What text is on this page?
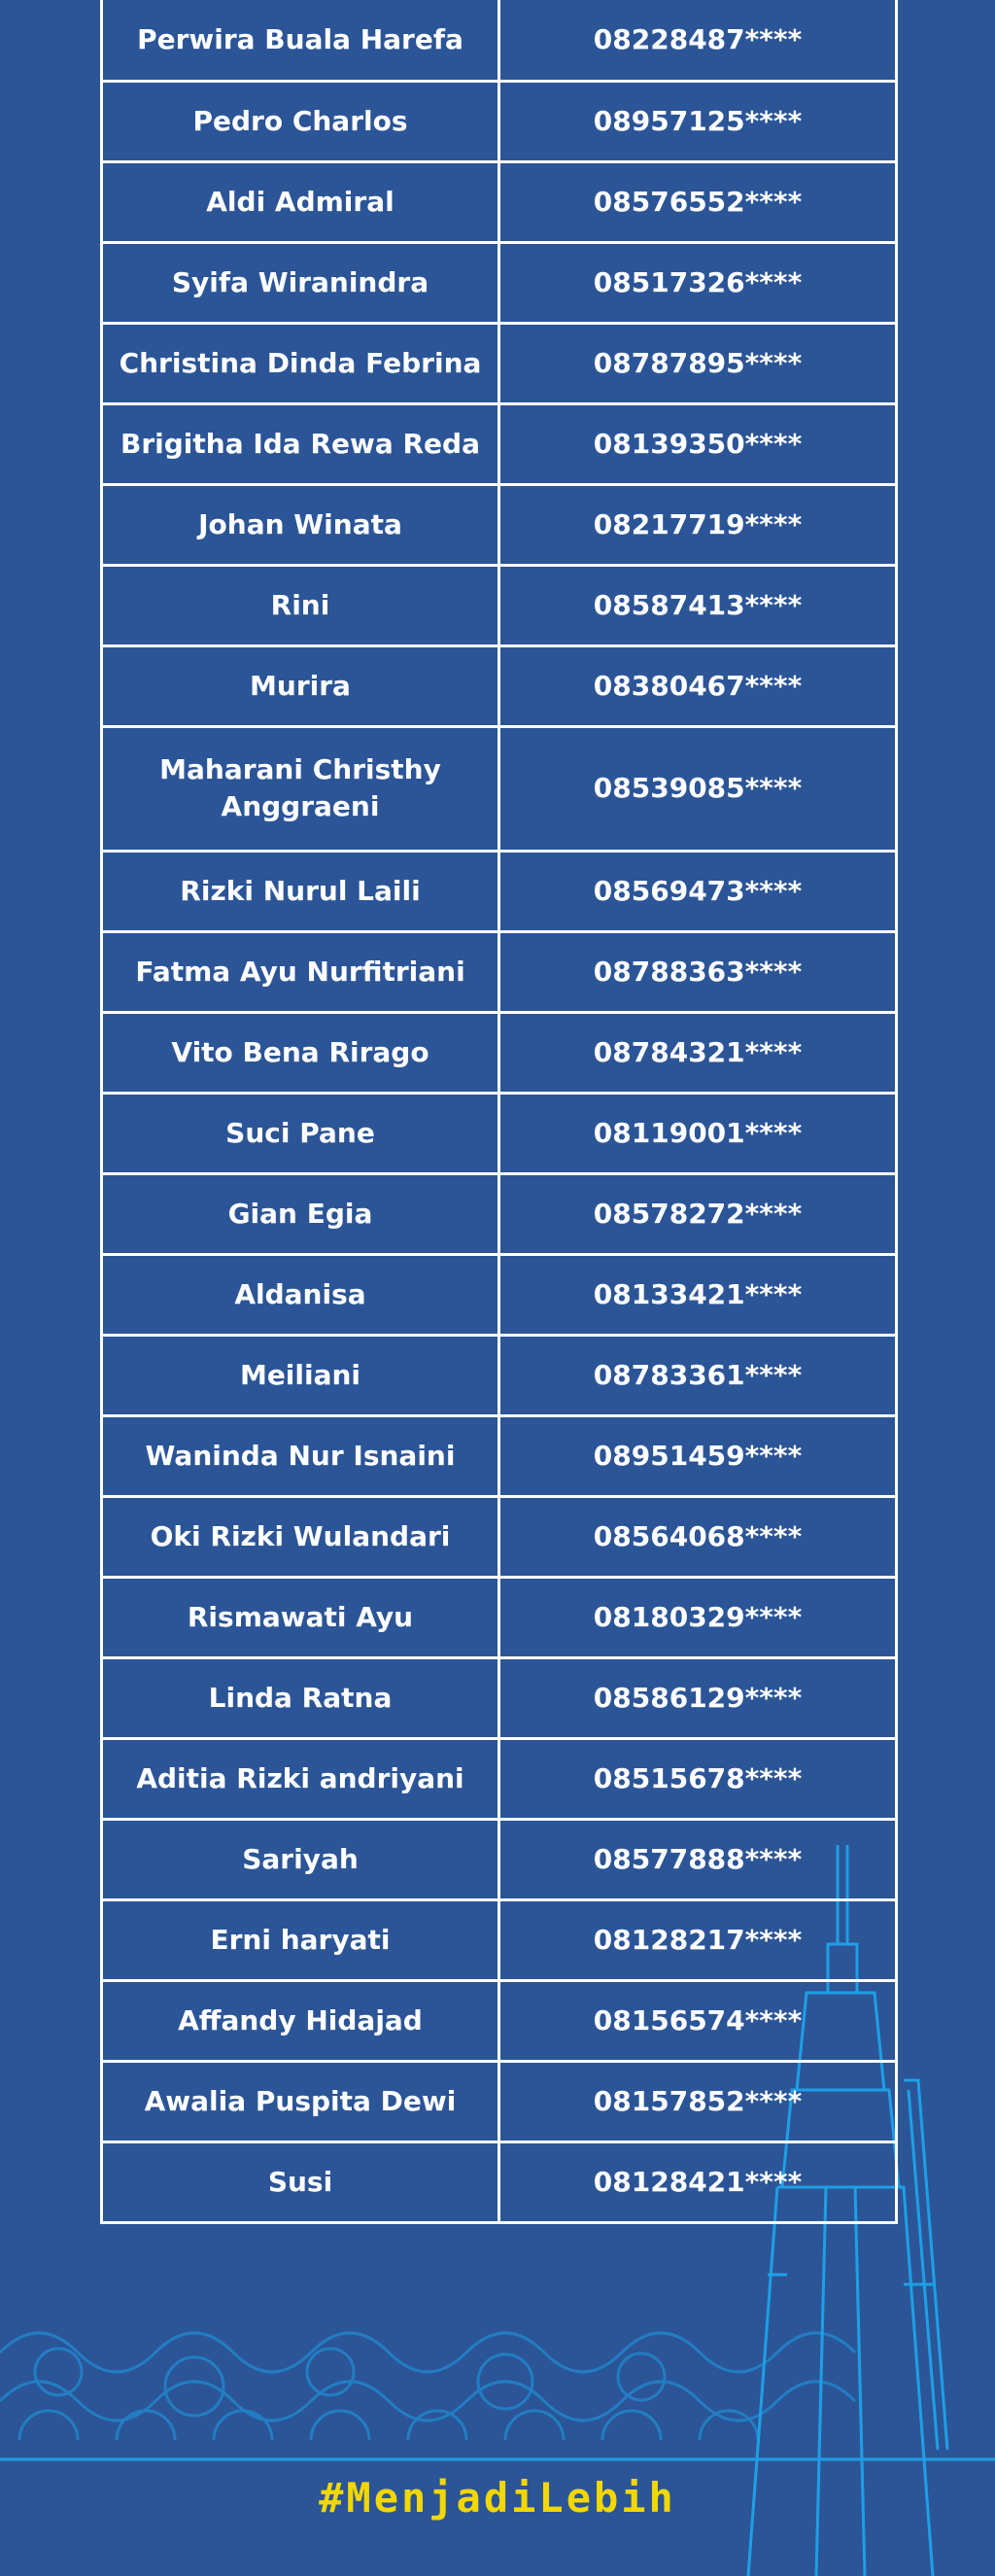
Perwira Buala Harefa	08228487****
Pedro Charlos	08957125****
Aldi Admiral	08576552****
Syifa Wiranindra	08517326****
Christina Dinda Febrina	08787895****
Brigitha Ida Rewa Reda	08139350****
Johan Winata	08217719****
Rini	08587413****
Murira	08380467****
Maharani Christhy Anggraeni	08539085****
Rizki Nurul Laili	08569473****
Fatma Ayu Nurfitriani	08788363****
Vito Bena Rirago	08784321****
Suci Pane	08119001****
Gian Egia	08578272****
Aldanisa	08133421****
Meiliani	08783361****
Waninda Nur Isnaini	08951459****
Oki Rizki Wulandari	08564068****
Rismawati Ayu	08180329****
Linda Ratna	08586129****
Aditia Rizki andriyani	08515678****
Sariyah	08577888****
Erni haryati	08128217****
Affandy Hidajad	08156574****
Awalia Puspita Dewi	08157852****
Susi	08128421****
#MenjadiLebih
